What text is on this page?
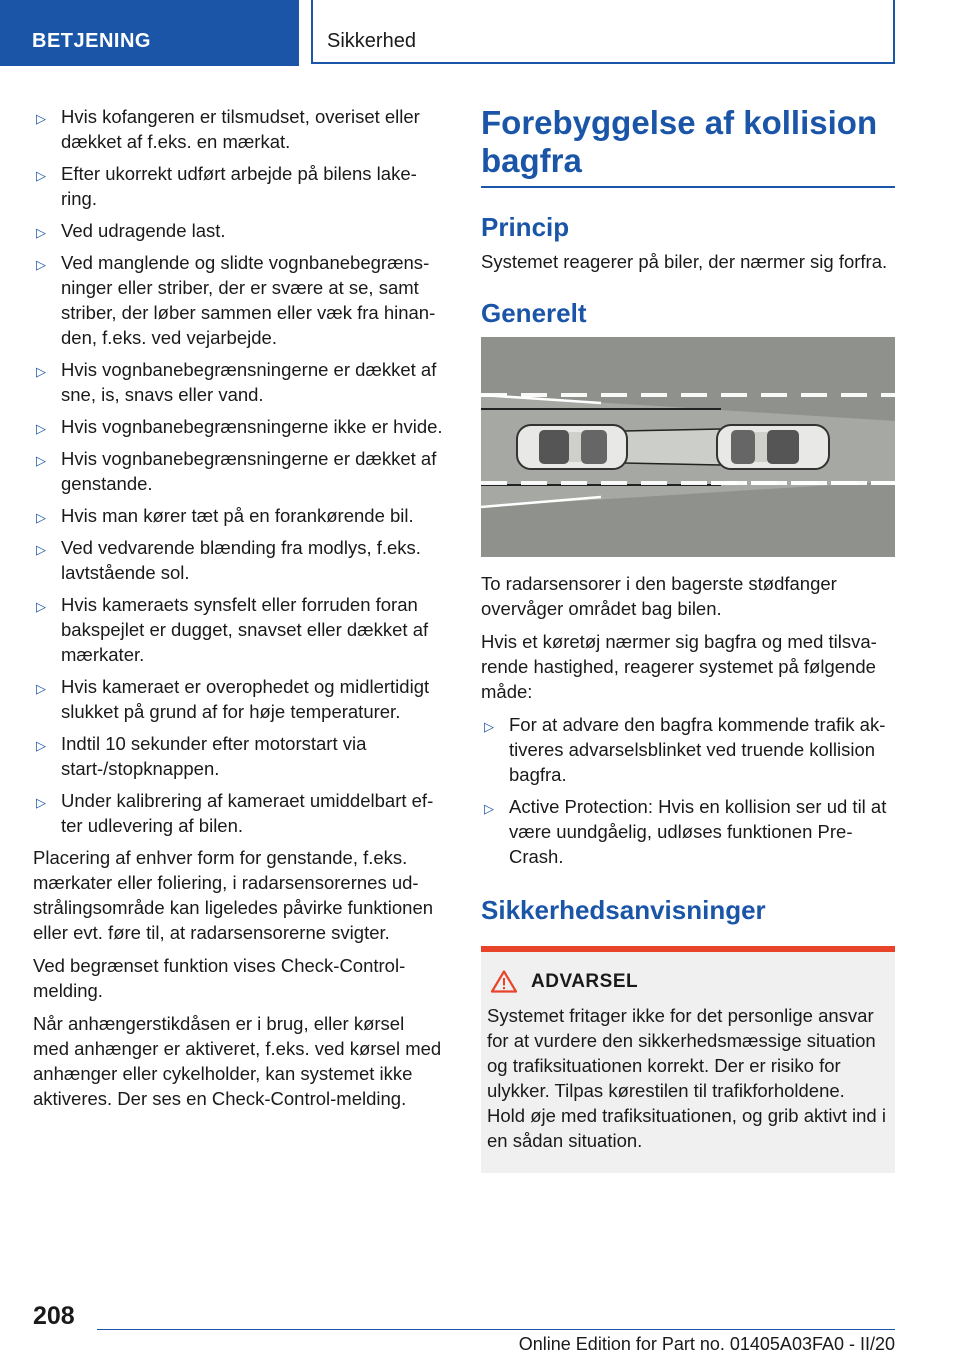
BETJENING	Sikkerhed
▷ Hvis kofangeren er tilsmudset, overiset eller dækket af f.eks. en mærkat.
▷ Efter ukorrekt udført arbejde på bilens lakering.
▷ Ved udragende last.
▷ Ved manglende og slidte vognbanebegrænsninger eller striber, der er svære at se, samt striber, der løber sammen eller væk fra hinanden, f.eks. ved vejarbejde.
▷ Hvis vognbanebegrænsningerne er dækket af sne, is, snavs eller vand.
▷ Hvis vognbanebegrænsningerne ikke er hvide.
▷ Hvis vognbanebegrænsningerne er dækket af genstande.
▷ Hvis man kører tæt på en forankørende bil.
▷ Ved vedvarende blænding fra modlys, f.eks. lavtstående sol.
▷ Hvis kameraets synsfelt eller forruden foran bakspejlet er dugget, snavset eller dækket af mærkater.
▷ Hvis kameraet er overophedet og midlertidigt slukket på grund af for høje temperaturer.
▷ Indtil 10 sekunder efter motorstart via start-/stopknappen.
▷ Under kalibrering af kameraet umiddelbart efter udlevering af bilen.

Placering af enhver form for genstande, f.eks. mærkater eller foliering, i radarsensorernes udstrålingsområde kan ligeledes påvirke funktionen eller evt. føre til, at radarsensorerne svigter.

Ved begrænset funktion vises Check-Control-melding.

Når anhængerstikdåsen er i brug, eller kørsel med anhænger er aktiveret, f.eks. ved kørsel med anhænger eller cykelholder, kan systemet ikke aktiveres. Der ses en Check-Control-melding.

Forebyggelse af kollision bagfra
Princip

Systemet reagerer på biler, der nærmer sig forfra.

Generelt

To radarsensorer i den bagerste stødfanger overvåger området bag bilen.

Hvis et køretøj nærmer sig bagfra og med tilsvarende hastighed, reagerer systemet på følgende måde:

▷ For at advare den bagfra kommende trafik aktiveres advarselsblinket ved truende kollision bagfra.
▷ Active Protection: Hvis en kollision ser ud til at være uundgåelig, udløses funktionen Pre-Crash.
Sikkerhedsanvisninger
ADVARSEL
Systemet fritager ikke for det personlige ansvar for at vurdere den sikkerhedsmæssige situation og trafiksituationen korrekt. Der er risiko for ulykker. Tilpas kørestilen til trafikforholdene. Hold øje med trafiksituationen, og grib aktivt ind i en sådan situation.
208
Online Edition for Part no. 01405A03FA0 - II/20
